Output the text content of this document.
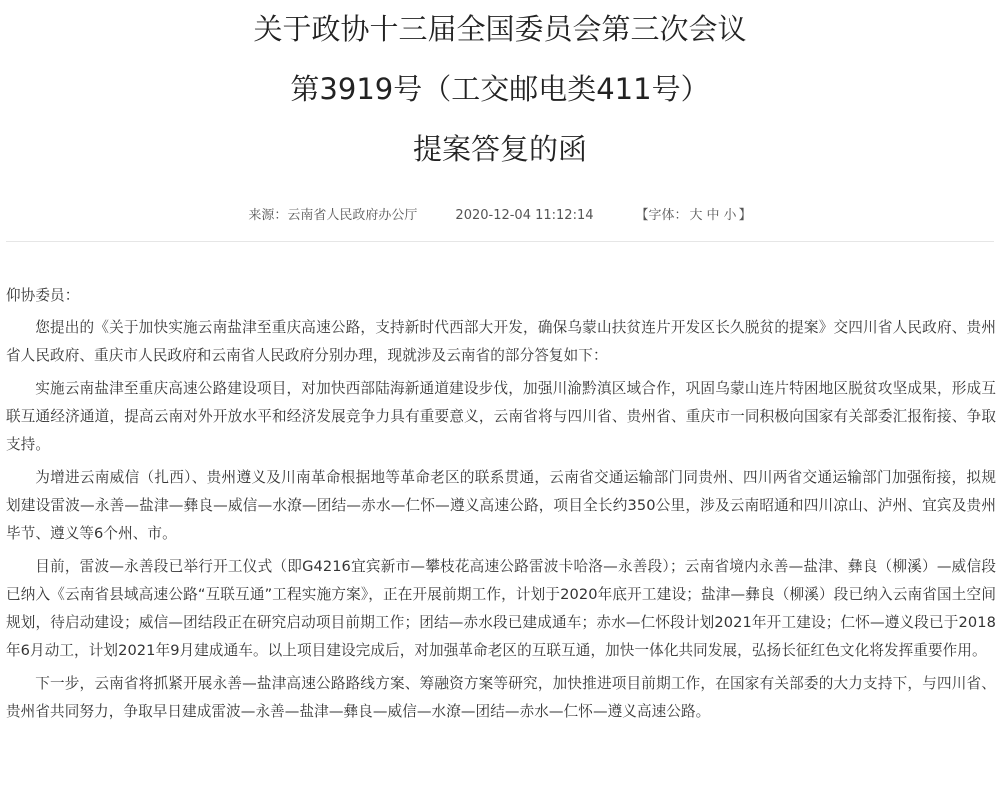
关于政协十三届全国委员会第三次会议
第3919号（工交邮电类411号）
提案答复的函
来源：云南省人民政府办公厅	2020-12-04 11:12:14	【字体： 大 中 小 】

仰协委员：

您提出的《关于加快实施云南盐津至重庆高速公路，支持新时代西部大开发，确保乌蒙山扶贫连片开发区长久脱贫的提案》交四川省人民政府、贵州省人民政府、重庆市人民政府和云南省人民政府分别办理，现就涉及云南省的部分答复如下：

实施云南盐津至重庆高速公路建设项目，对加快西部陆海新通道建设步伐，加强川渝黔滇区域合作，巩固乌蒙山连片特困地区脱贫攻坚成果，形成互联互通经济通道，提高云南对外开放水平和经济发展竞争力具有重要意义，云南省将与四川省、贵州省、重庆市一同积极向国家有关部委汇报衔接、争取支持。

为增进云南威信（扎西）、贵州遵义及川南革命根据地等革命老区的联系贯通，云南省交通运输部门同贵州、四川两省交通运输部门加强衔接，拟规划建设雷波—永善—盐津—彝良—威信—水潦—团结—赤水—仁怀—遵义高速公路，项目全长约350公里，涉及云南昭通和四川凉山、泸州、宜宾及贵州毕节、遵义等6个州、市。

目前，雷波—永善段已举行开工仪式（即G4216宜宾新市—攀枝花高速公路雷波卡哈洛—永善段）；云南省境内永善—盐津、彝良（柳溪）—威信段已纳入《云南省县域高速公路“互联互通”工程实施方案》，正在开展前期工作，计划于2020年底开工建设；盐津—彝良（柳溪）段已纳入云南省国土空间规划，待启动建设；威信—团结段正在研究启动项目前期工作；团结—赤水段已建成通车；赤水—仁怀段计划2021年开工建设；仁怀—遵义段已于2018年6月动工，计划2021年9月建成通车。以上项目建设完成后，对加强革命老区的互联互通，加快一体化共同发展，弘扬长征红色文化将发挥重要作用。

下一步，云南省将抓紧开展永善—盐津高速公路路线方案、筹融资方案等研究，加快推进项目前期工作，在国家有关部委的大力支持下，与四川省、贵州省共同努力，争取早日建成雷波—永善—盐津—彝良—威信—水潦—团结—赤水—仁怀—遵义高速公路。
